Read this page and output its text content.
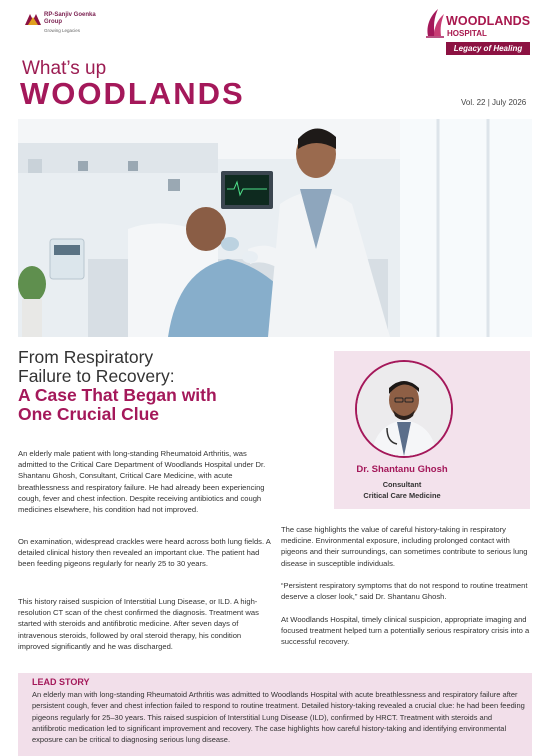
RP-Sanjiv Goenka
Group
Growing Legacies
WOODLANDS
HOSPITAL
Legacy of Healing
What’s up
WOODLANDS	Vol. 22 | July 2026
From Respiratory
Failure to Recovery:
A Case That Began with
One Crucial Clue
An elderly male patient with long-standing Rheumatoid Arthritis, was admitted to the Critical Care Department of Woodlands Hospital under Dr. Shantanu Ghosh, Consultant, Critical Care Medicine, with acute breathlessness and respiratory failure. He had already been experiencing cough, fever and chest infection. Despite receiving antibiotics and cough medicines elsewhere, his condition had not improved.
On examination, widespread crackles were heard across both lung fields. A detailed clinical history then revealed an important clue. The patient had been feeding pigeons regularly for nearly 25 to 30 years.
This history raised suspicion of Interstitial Lung Disease, or ILD. A high-resolution CT scan of the chest confirmed the diagnosis. Treatment was started with steroids and antifibrotic medicine. After seven days of intravenous steroids, followed by oral steroid therapy, his condition improved significantly and he was discharged.
Dr. Shantanu Ghosh
Consultant
Critical Care Medicine
The case highlights the value of careful history-taking in respiratory medicine. Environmental exposure, including prolonged contact with pigeons and their surroundings, can sometimes contribute to serious lung disease in susceptible individuals.
“Persistent respiratory symptoms that do not respond to routine treatment deserve a closer look,” said Dr. Shantanu Ghosh.
At Woodlands Hospital, timely clinical suspicion, appropriate imaging and focused treatment helped turn a potentially serious respiratory crisis into a successful recovery.
LEAD STORY
An elderly man with long-standing Rheumatoid Arthritis was admitted to Woodlands Hospital with acute breathlessness and respiratory failure after persistent cough, fever and chest infection failed to respond to routine treatment. Detailed history-taking revealed a crucial clue: he had been feeding pigeons regularly for 25–30 years. This raised suspicion of Interstitial Lung Disease (ILD), confirmed by HRCT. Treatment with steroids and antifibrotic medication led to significant improvement and recovery. The case highlights how careful history-taking and identifying environmental exposure can be critical to diagnosing serious lung disease.
